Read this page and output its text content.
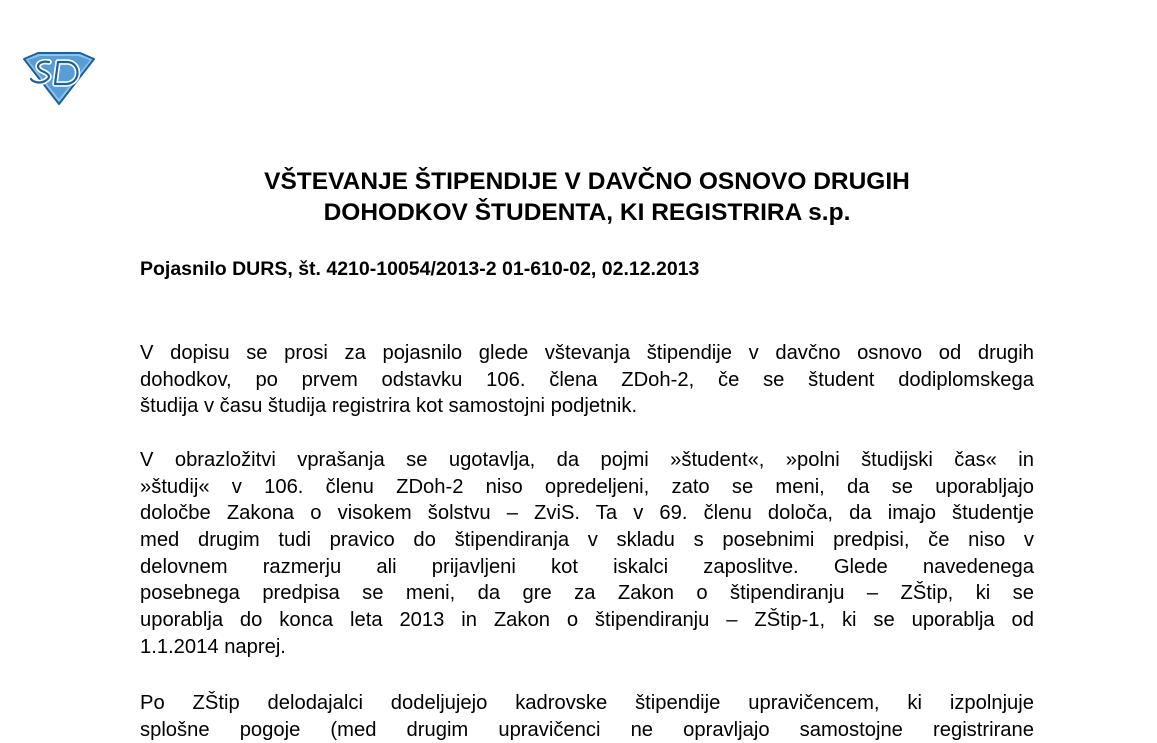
VŠTEVANJE ŠTIPENDIJE V DAVČNO OSNOVO DRUGIH
DOHODKOV ŠTUDENTA, KI REGISTRIRA s.p.
Pojasnilo DURS, št. 4210-10054/2013-2 01-610-02, 02.12.2013
V dopisu se prosi za pojasnilo glede vštevanja štipendije v davčno osnovo od drugih
dohodkov, po prvem odstavku 106. člena ZDoh-2, če se študent dodiplomskega
študija v času študija registrira kot samostojni podjetnik.
V obrazložitvi vprašanja se ugotavlja, da pojmi »študent«, »polni študijski čas« in
»študij« v 106. členu ZDoh-2 niso opredeljeni, zato se meni, da se uporabljajo
določbe Zakona o visokem šolstvu – ZviS. Ta v 69. členu določa, da imajo študentje
med drugim tudi pravico do štipendiranja v skladu s posebnimi predpisi, če niso v
delovnem razmerju ali prijavljeni kot iskalci zaposlitve. Glede navedenega
posebnega predpisa se meni, da gre za Zakon o štipendiranju – ZŠtip, ki se
uporablja do konca leta 2013 in Zakon o štipendiranju – ZŠtip-1, ki se uporablja od
1.1.2014 naprej.
Po ZŠtip delodajalci dodeljujejo kadrovske štipendije upravičencem, ki izpolnjuje
splošne pogoje (med drugim upravičenci ne opravljajo samostojne registrirane
